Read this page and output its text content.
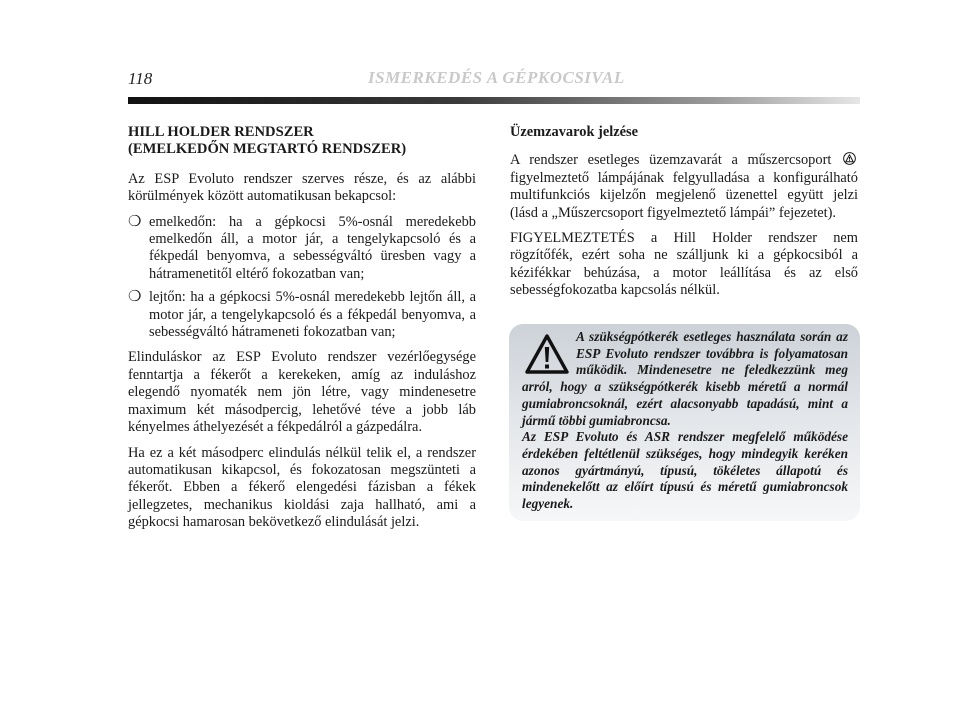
118	ISMERKEDÉS A GÉPKOCSIVAL
HILL HOLDER RENDSZER
(EMELKEDŐN MEGTARTÓ RENDSZER)

Az ESP Evoluto rendszer szerves része, és az alábbi körülmények között automatikusan bekapcsol:

❍ emelkedőn: ha a gépkocsi 5%-osnál meredekebb emelkedőn áll, a motor jár, a tengelykapcsoló és a fékpedál benyomva, a sebességváltó üresben vagy a hátramenetitől eltérő fokozatban van;
❍ lejtőn: ha a gépkocsi 5%-osnál meredekebb lejtőn áll, a motor jár, a tengelykapcsoló és a fékpedál benyomva, a sebességváltó hátrameneti fokozatban van;

Elinduláskor az ESP Evoluto rendszer vezérlőegysége fenntartja a fékerőt a kerekeken, amíg az induláshoz elegendő nyomaték nem jön létre, vagy mindenesetre maximum két másodpercig, lehetővé téve a jobb láb kényelmes áthelyezését a fékpedálról a gázpedálra.

Ha ez a két másodperc elindulás nélkül telik el, a rendszer automatikusan kikapcsol, és fokozatosan megszünteti a fékerőt. Ebben a fékerő elengedési fázisban a fékek jellegzetes, mechanikus kioldási zaja hallható, ami a gépkocsi hamarosan bekövetkező elindulását jelzi.

Üzemzavarok jelzése

A rendszer esetleges üzemzavarát a műszercsoport  figyelmeztető lámpájának felgyulladása a konfigurálható multifunkciós kijelzőn megjelenő üzenettel együtt jelzi (lásd a „Műszercsoport figyelmeztető lámpái” fejezetet).

FIGYELMEZTETÉS a Hill Holder rendszer nem rögzítőfék, ezért soha ne szálljunk ki a gépkocsiból a kézifékkar behúzása, a motor leállítása és az első sebességfokozatba kapcsolás nélkül.

A szükségpótkerék esetleges használata során az ESP Evoluto rendszer továbbra is folyamatosan működik. Mindenesetre ne feledkezzünk meg arról, hogy a szükségpótkerék kisebb méretű a normál gumiabroncsoknál, ezért alacsonyabb tapadású, mint a jármű többi gumiabroncsa.

Az ESP Evoluto és ASR rendszer megfelelő működése érdekében feltétlenül szükséges, hogy mindegyik keréken azonos gyártmányú, típusú, tökéletes állapotú és mindenekelőtt az előírt típusú és méretű gumiabroncsok legyenek.
